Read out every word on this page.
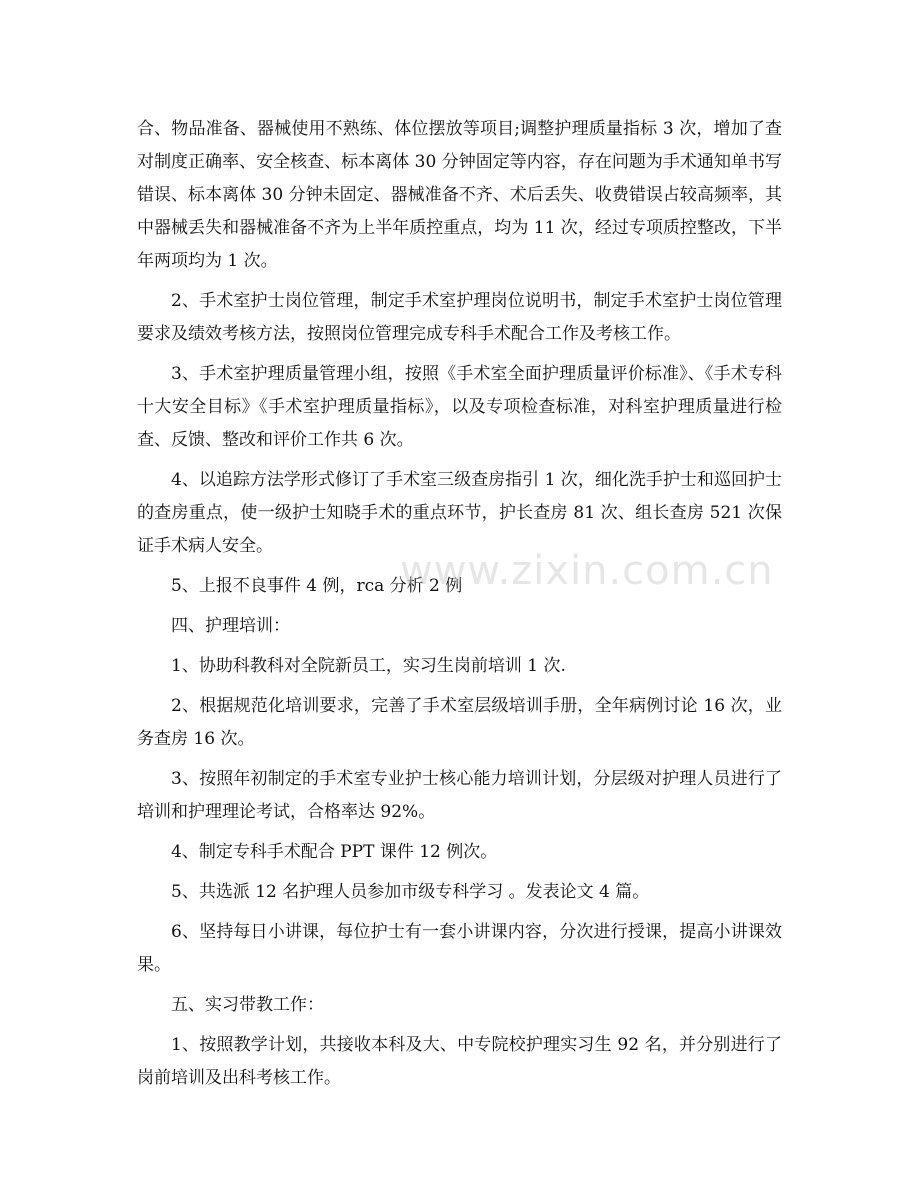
合、物品准备、器械使用不熟练、体位摆放等项目;调整护理质量指标 3 次，增加了查对制度正确率、安全核查、标本离体 30 分钟固定等内容，存在问题为手术通知单书写错误、标本离体 30 分钟未固定、器械准备不齐、术后丢失、收费错误占较高频率，其中器械丢失和器械准备不齐为上半年质控重点，均为 11 次，经过专项质控整改，下半年两项均为 1 次。

2、手术室护士岗位管理，制定手术室护理岗位说明书，制定手术室护士岗位管理要求及绩效考核方法，按照岗位管理完成专科手术配合工作及考核工作。

3、手术室护理质量管理小组，按照《手术室全面护理质量评价标准》、《手术专科十大安全目标》《手术室护理质量指标》，以及专项检查标准，对科室护理质量进行检查、反馈、整改和评价工作共 6 次。

4、以追踪方法学形式修订了手术室三级查房指引 1 次，细化洗手护士和巡回护士的查房重点，使一级护士知晓手术的重点环节，护长查房 81 次、组长查房 521 次保证手术病人安全。

5、上报不良事件 4 例，rca 分析 2 例

四、护理培训：

1、协助科教科对全院新员工，实习生岗前培训 1 次.

2、根据规范化培训要求，完善了手术室层级培训手册，全年病例讨论 16 次，业务查房 16 次。

3、按照年初制定的手术室专业护士核心能力培训计划，分层级对护理人员进行了培训和护理理论考试，合格率达 92%。

4、制定专科手术配合 PPT 课件 12 例次。

5、共选派 12 名护理人员参加市级专科学习 。发表论文 4 篇。

6、坚持每日小讲课，每位护士有一套小讲课内容，分次进行授课，提高小讲课效果。

五、实习带教工作：

1、按照教学计划，共接收本科及大、中专院校护理实习生 92 名，并分别进行了岗前培训及出科考核工作。

www.zixin.com.cn
